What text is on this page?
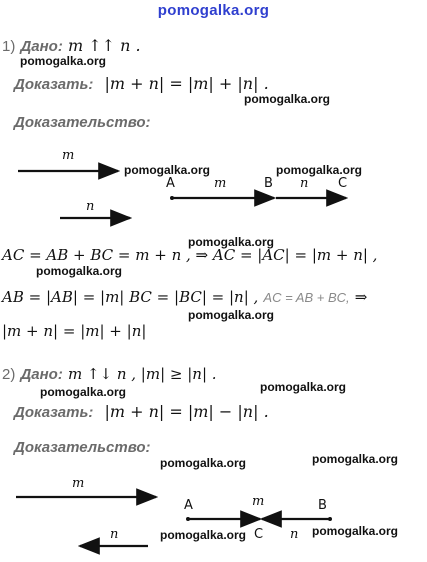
pomogalka.org
pomogalka.org
pomogalka.org
pomogalka.org	pomogalka.org
pomogalka.org
pomogalka.org
pomogalka.org
pomogalka.org	pomogalka.org
pomogalka.org	pomogalka.org
pomogalka.org	pomogalka.org
1) Дано: m ↑↑ n .
Доказать: |m + n| = |m| + |n| .
Доказательство:
m
n
A	m	B n C
AC = AB + BC = m + n , ⇒ AC = |AC| = |m + n| ,
AB = |AB| = |m| BC = |BC| = |n| , AC = AB + BC, ⇒
|m + n| = |m| + |n|
2) Дано: m ↑↓ n , |m| ≥ |n| .
Доказать: |m + n| = |m| − |n| .
Доказательство:
m
n
A	m	B
C n
